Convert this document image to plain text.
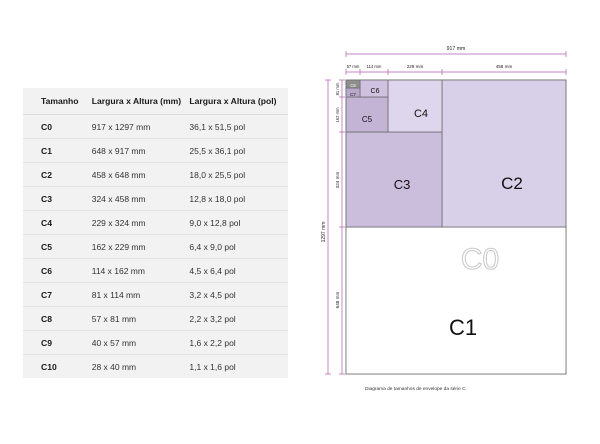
Tamanho	Largura x Altura (mm)	Largura x Altura (pol)
C0	917 x 1297 mm	36,1 x 51,5 pol
C1	648 x 917 mm	25,5 x 36,1 pol
C2	458 x 648 mm	18,0 x 25,5 pol
C3	324 x 458 mm	12,8 x 18,0 pol
C4	229 x 324 mm	9,0 x 12,8 pol
C5	162 x 229 mm	6,4 x 9,0 pol
C6	114 x 162 mm	4,5 x 6,4 pol
C7	81 x 114 mm	3,2 x 4,5 pol
C8	57 x 81 mm	2,2 x 3,2 pol
C9	40 x 57 mm	1,6 x 2,2 pol
C10	28 x 40 mm	1,1 x 1,6 pol
917 mm
57 mm 114 mm	229 mm	458 mm
1297 mm
648 mm
324 mm
162 mm
81 mm
C0
C1
C2
C3
C4
C5
C6
C7
C8
Diagrama de tamanhos de envelope da série C.
